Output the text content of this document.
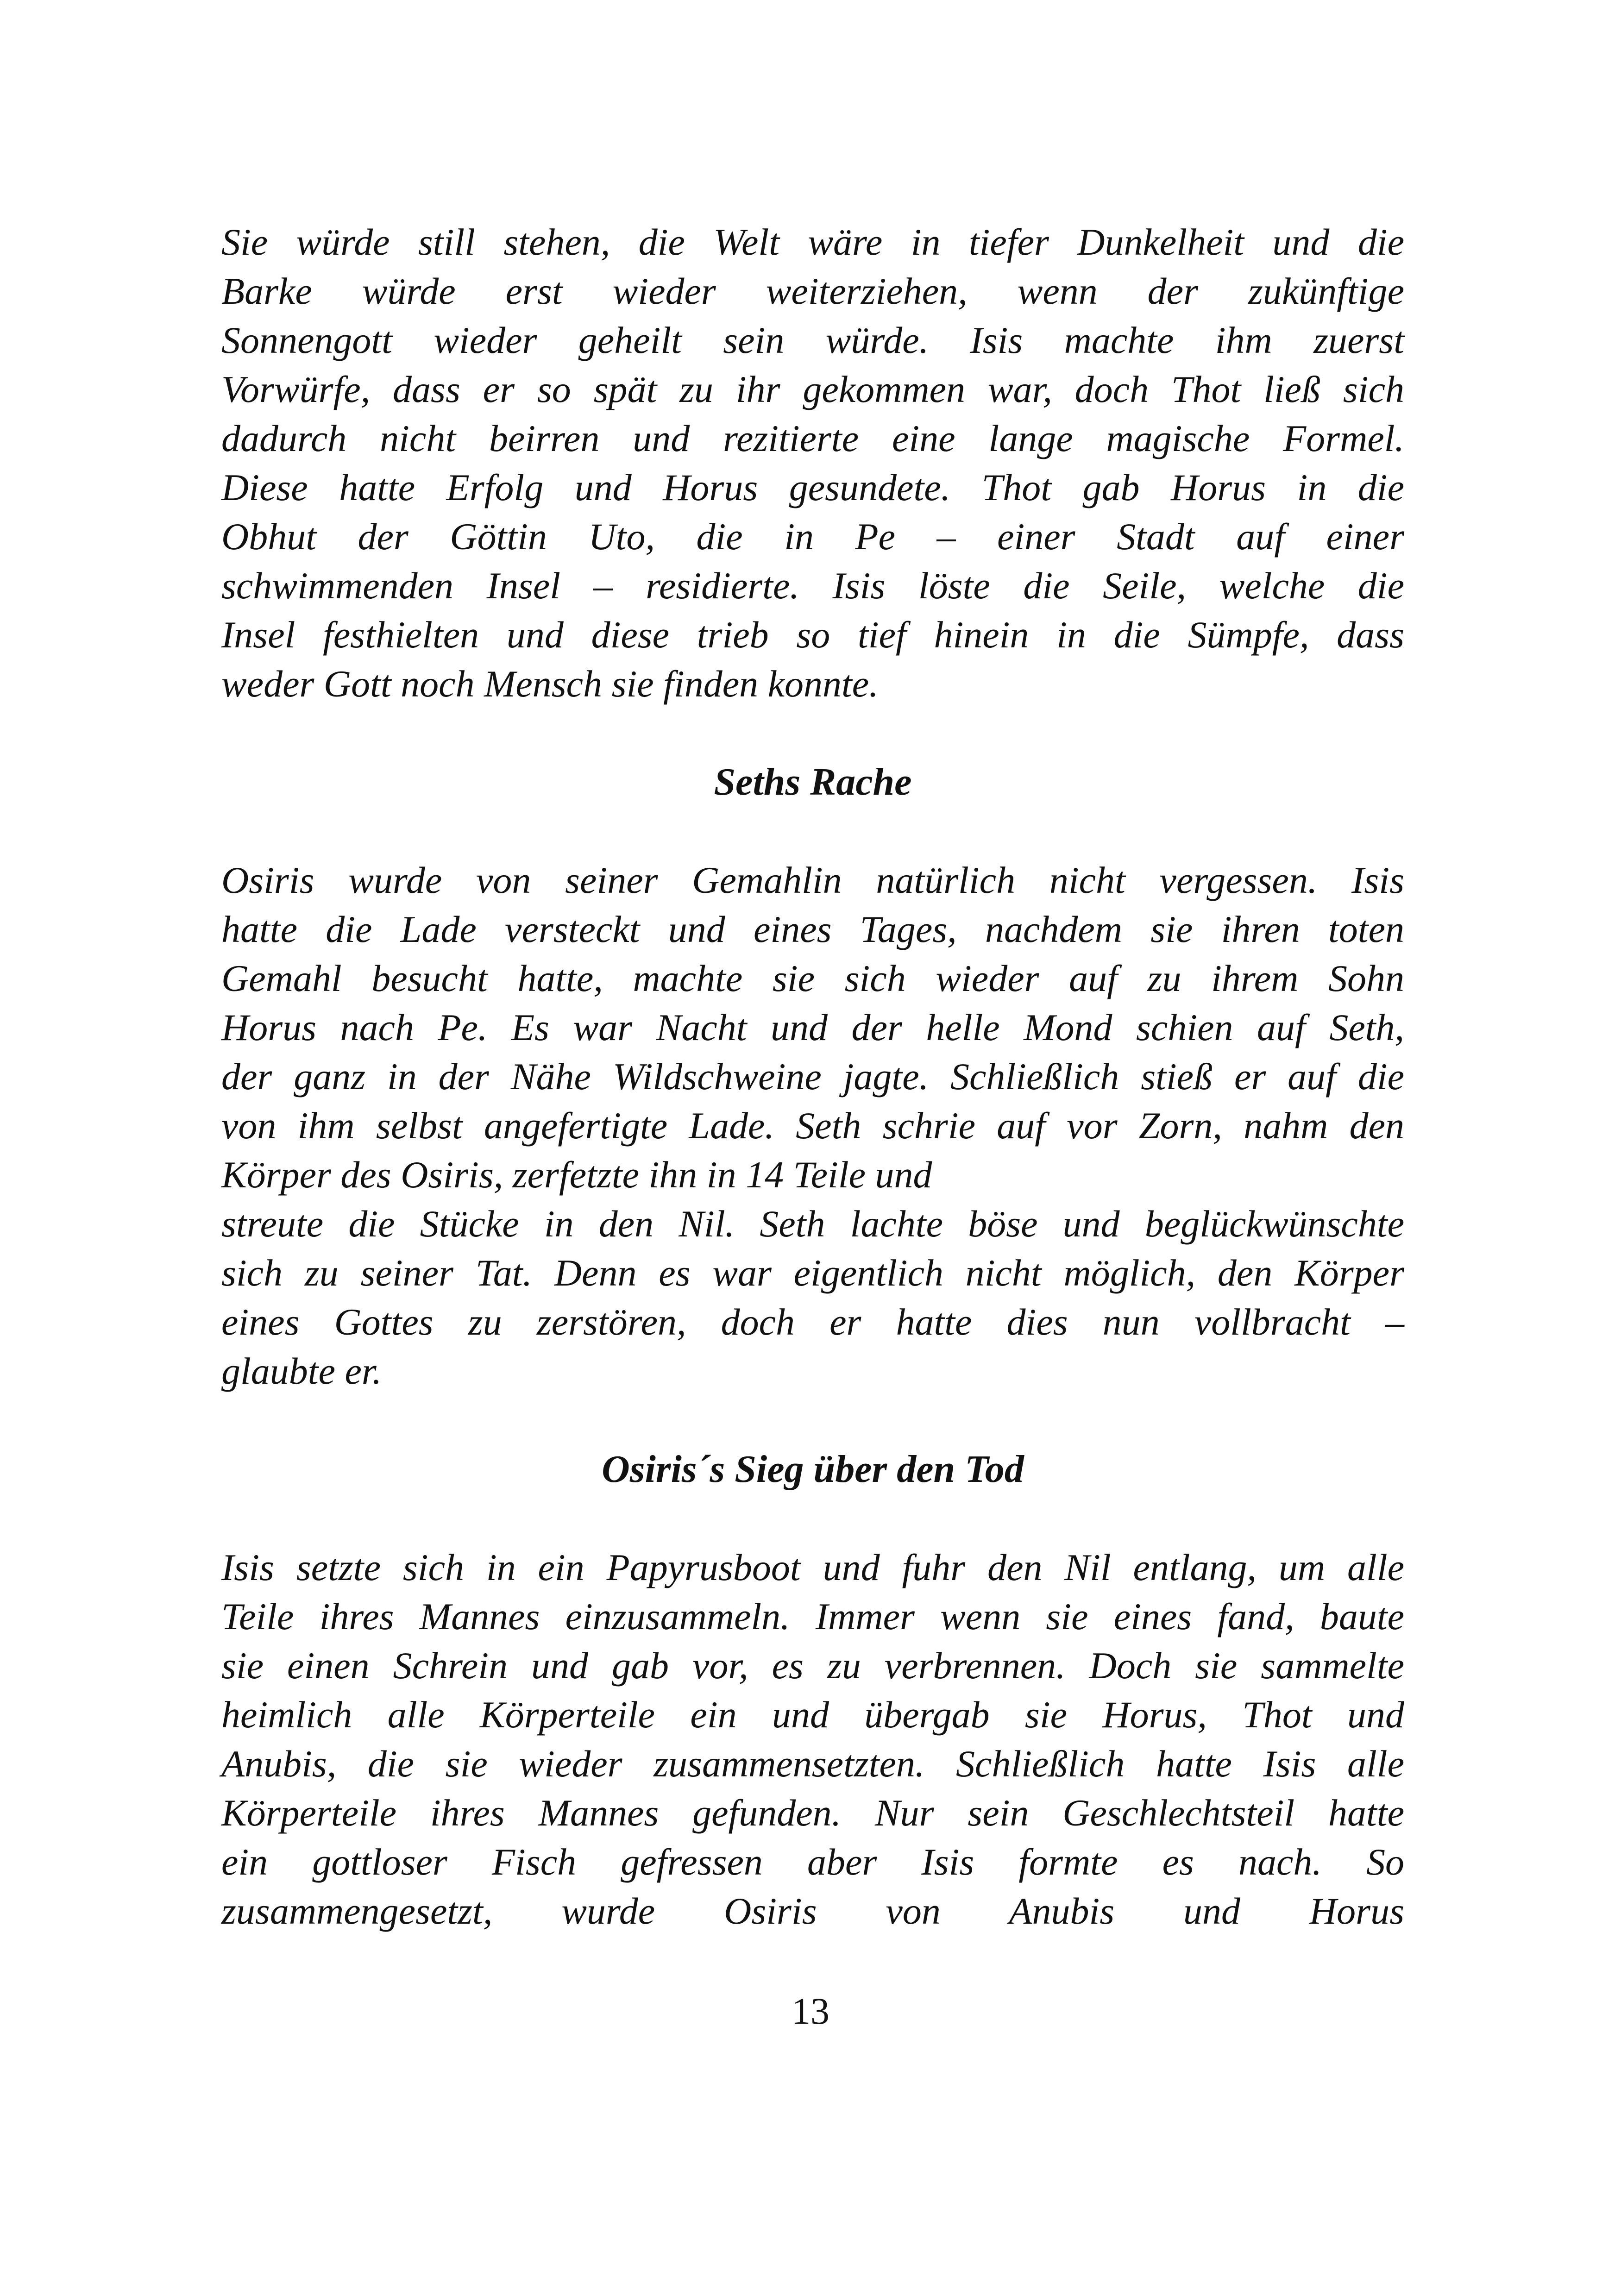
Sie würde still stehen, die Welt wäre in tiefer Dunkelheit und die
Barke würde erst wieder weiterziehen, wenn der zukünftige
Sonnengott wieder geheilt sein würde. Isis machte ihm zuerst
Vorwürfe, dass er so spät zu ihr gekommen war, doch Thot ließ sich
dadurch nicht beirren und rezitierte eine lange magische Formel.
Diese hatte Erfolg und Horus gesundete. Thot gab Horus in die
Obhut der Göttin Uto, die in Pe – einer Stadt auf einer
schwimmenden Insel – residierte. Isis löste die Seile, welche die
Insel festhielten und diese trieb so tief hinein in die Sümpfe, dass
weder Gott noch Mensch sie finden konnte.
Seths Rache
Osiris wurde von seiner Gemahlin natürlich nicht vergessen. Isis
hatte die Lade versteckt und eines Tages, nachdem sie ihren toten
Gemahl besucht hatte, machte sie sich wieder auf zu ihrem Sohn
Horus nach Pe. Es war Nacht und der helle Mond schien auf Seth,
der ganz in der Nähe Wildschweine jagte. Schließlich stieß er auf die
von ihm selbst angefertigte Lade. Seth schrie auf vor Zorn, nahm den
Körper des Osiris, zerfetzte ihn in 14 Teile und
streute die Stücke in den Nil. Seth lachte böse und beglückwünschte
sich zu seiner Tat. Denn es war eigentlich nicht möglich, den Körper
eines Gottes zu zerstören, doch er hatte dies nun vollbracht –
glaubte er.
Osiris´s Sieg über den Tod
Isis setzte sich in ein Papyrusboot und fuhr den Nil entlang, um alle
Teile ihres Mannes einzusammeln. Immer wenn sie eines fand, baute
sie einen Schrein und gab vor, es zu verbrennen. Doch sie sammelte
heimlich alle Körperteile ein und übergab sie Horus, Thot und
Anubis, die sie wieder zusammensetzten. Schließlich hatte Isis alle
Körperteile ihres Mannes gefunden. Nur sein Geschlechtsteil hatte
ein gottloser Fisch gefressen aber Isis formte es nach. So
zusammengesetzt, wurde Osiris von Anubis und Horus
13
